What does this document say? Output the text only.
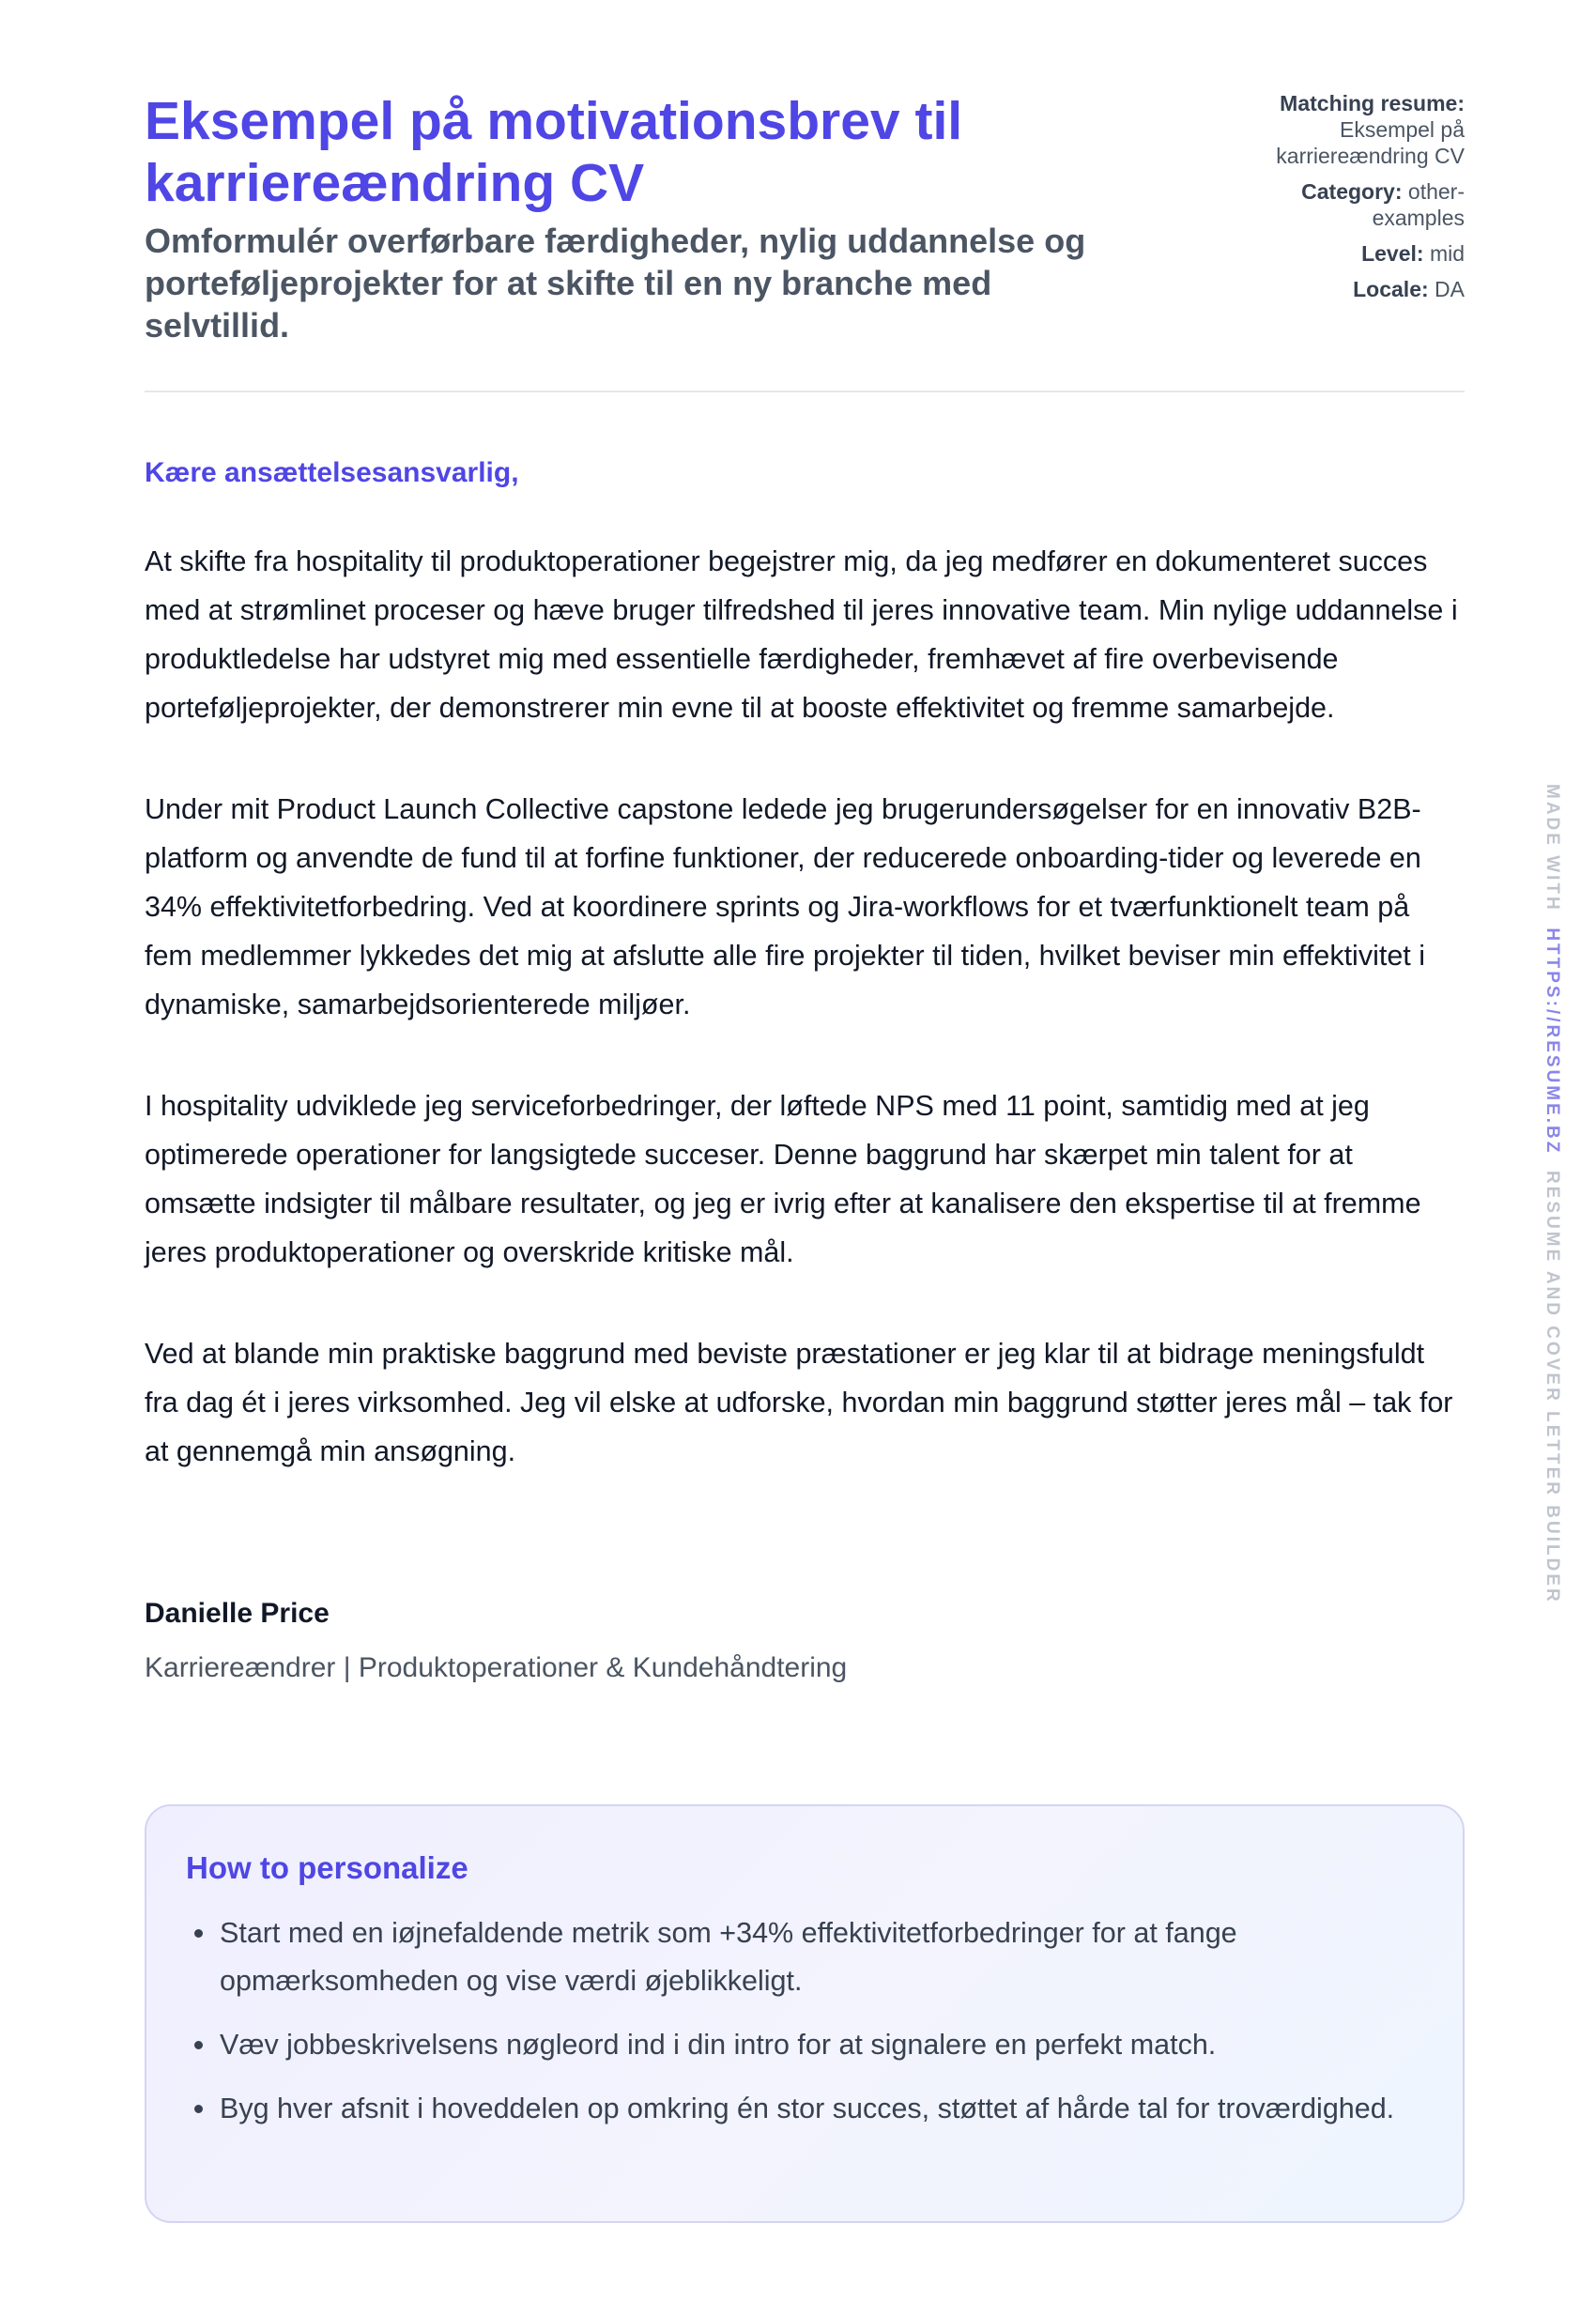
Eksempel på motivationsbrev til karriereændring CV

Omformulér overførbare færdigheder, nylig uddannelse og porteføljeprojekter for at skifte til en ny branche med selvtillid.

Matching resume:
Eksempel på karriereændring CV
Category: other-examples
Level: mid
Locale: DA

Kære ansættelsesansvarlig,

At skifte fra hospitality til produktoperationer begejstrer mig, da jeg medfører en dokumenteret succes med at strømlinet proceser og hæve bruger tilfredshed til jeres innovative team. Min nylige uddannelse i produktledelse har udstyret mig med essentielle færdigheder, fremhævet af fire overbevisende porteføljeprojekter, der demonstrerer min evne til at booste effektivitet og fremme samarbejde.

Under mit Product Launch Collective capstone ledede jeg brugerundersøgelser for en innovativ B2B-platform og anvendte de fund til at forfine funktioner, der reducerede onboarding-tider og leverede en 34% effektivitetforbedring. Ved at koordinere sprints og Jira-workflows for et tværfunktionelt team på fem medlemmer lykkedes det mig at afslutte alle fire projekter til tiden, hvilket beviser min effektivitet i dynamiske, samarbejdsorienterede miljøer.

I hospitality udviklede jeg serviceforbedringer, der løftede NPS med 11 point, samtidig med at jeg optimerede operationer for langsigtede succeser. Denne baggrund har skærpet min talent for at omsætte indsigter til målbare resultater, og jeg er ivrig efter at kanalisere den ekspertise til at fremme jeres produktoperationer og overskride kritiske mål.

Ved at blande min praktiske baggrund med beviste præstationer er jeg klar til at bidrage meningsfuldt fra dag ét i jeres virksomhed. Jeg vil elske at udforske, hvordan min baggrund støtter jeres mål – tak for at gennemgå min ansøgning.

Danielle Price

Karriereændrer | Produktoperationer & Kundehåndtering

How to personalize
Start med en iøjnefaldende metrik som +34% effektivitetforbedringer for at fange opmærksomheden og vise værdi øjeblikkeligt.
Væv jobbeskrivelsens nøgleord ind i din intro for at signalere en perfekt match.
Byg hver afsnit i hoveddelen op omkring én stor succes, støttet af hårde tal for troværdighed.
MADE WITH  HTTPS://RESUME.BZ  RESUME AND COVER LETTER BUILDER
